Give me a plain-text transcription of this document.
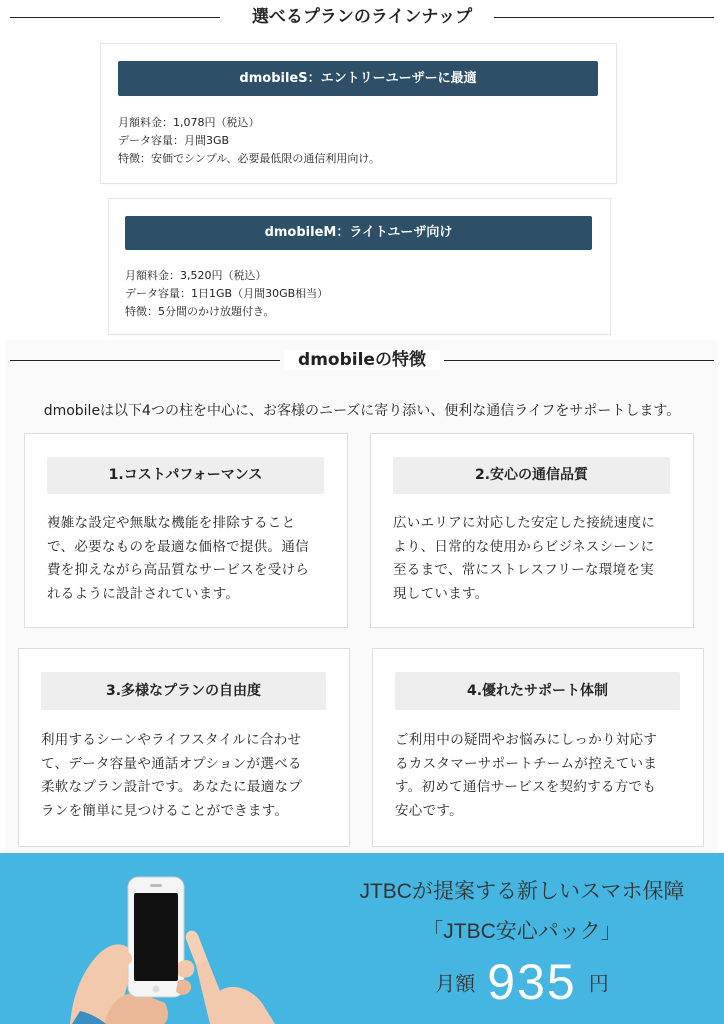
選べるプランのラインナップ
dmobileS：エントリーユーザーに最適
月額料金：1,078円（税込）
データ容量：月間3GB
特徴：安価でシンプル、必要最低限の通信利用向け。
dmobileM：ライトユーザ向け
月額料金：3,520円（税込）
データ容量：1日1GB（月間30GB相当）
特徴：5分間のかけ放題付き。
dmobileの特徴
dmobileは以下4つの柱を中心に、お客様のニーズに寄り添い、便利な通信ライフをサポートします。
1.コストパフォーマンス
複雑な設定や無駄な機能を排除すること
で、必要なものを最適な価格で提供。通信
費を抑えながら高品質なサービスを受けら
れるように設計されています。
2.安心の通信品質
広いエリアに対応した安定した接続速度に
より、日常的な使用からビジネスシーンに
至るまで、常にストレスフリーな環境を実
現しています。
3.多様なプランの自由度
利用するシーンやライフスタイルに合わせ
て、データ容量や通話オプションが選べる
柔軟なプラン設計です。あなたに最適なプ
ランを簡単に見つけることができます。
4.優れたサポート体制
ご利用中の疑問やお悩みにしっかり対応す
るカスタマーサポートチームが控えていま
す。初めて通信サービスを契約する方でも
安心です。
JTBCが提案する新しいスマホ保障
「JTBC安心パック」
月額 935 円
